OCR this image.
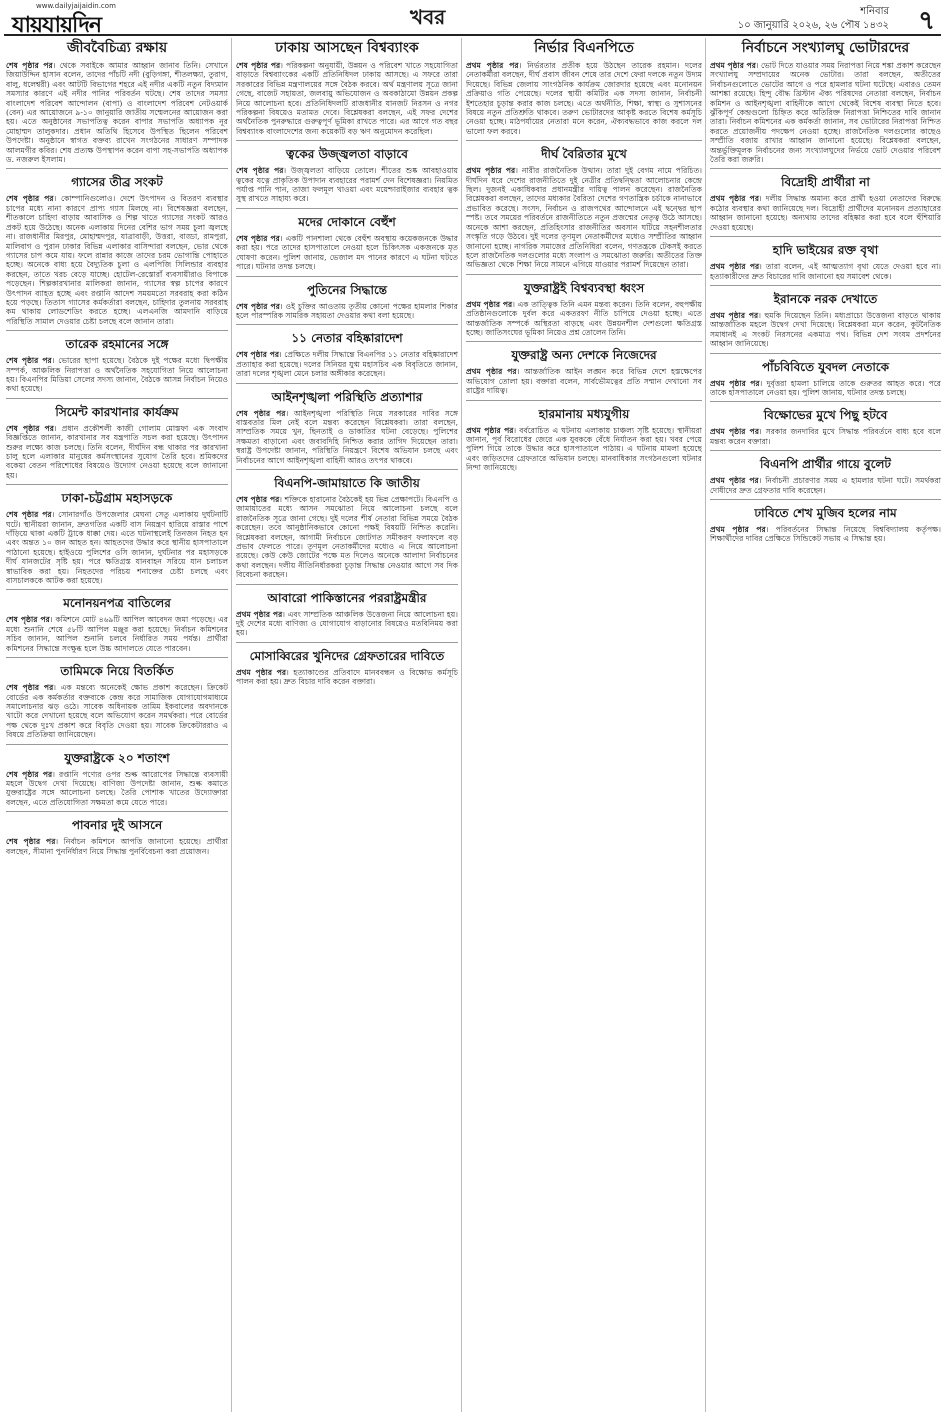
www.dailyjaijaidin.com
যায়যায়দিন	খবর	শনিবার
১০ জানুয়ারি ২০২৬, ২৬ পৌষ ১৪৩২ ৭
জীববৈচিত্র্য রক্ষায়

শেষ পৃষ্ঠার পর। থেকে সবাইকে আমার আহ্বান জানাব তিনি। সেখানে জিয়াউদ্দিন হাসান বলেন, তাদের পাঁচটি নদী (বুড়িগঙ্গা, শীতলক্ষ্যা, তুরাগ, বালু, ধলেশ্বরী) এবং আটটি বিভাগের শহরে এই নদীর একটি নতুন বিদ্যমান সমস্যার কারণে এই নদীর পানির পরিবর্তন ঘটছে। শেষ তাদের সমস্যা বাংলাদেশ পরিবেশ আন্দোলন (বাপা) ও বাংলাদেশ পরিবেশ নেটওয়ার্ক (বেন) এর আয়োজনে ৯-১০ জানুয়ারি জাতীয় সম্মেলনের আয়োজন করা হয়। এতে অনুষ্ঠানের সভাপতিত্ব করেন বাপার সভাপতি অধ্যাপক নূর মোহাম্মদ তালুকদার। প্রধান অতিথি হিসেবে উপস্থিত ছিলেন পরিবেশ উপদেষ্টা। অনুষ্ঠানে স্বাগত বক্তব্য রাখেন সংগঠনের সাধারণ সম্পাদক আলমগীর কবির। শেষ প্রত্যক্ষ উপস্থাপন করেন বাপা সহ-সভাপতি অধ্যাপক ড. নজরুল ইসলাম।

গ্যাসের তীব্র সংকট

শেষ পৃষ্ঠার পর। কোম্পানিগুলোও। দেশে উৎপাদন ও বিতরণ ব্যবস্থার চাপের মধ্যে নানা কারণে প্রাপ্য গ্যাস মিলছে না। বিশেষজ্ঞরা বলছেন, শীতকালে চাহিদা বাড়ায় আবাসিক ও শিল্প খাতে গ্যাসের সংকট আরও প্রকট হয়ে উঠেছে। অনেক এলাকায় দিনের বেশির ভাগ সময় চুলা জ্বলছে না। রাজধানীর মিরপুর, মোহাম্মদপুর, যাত্রাবাড়ী, উত্তরা, বাড্ডা, রামপুরা, মালিবাগ ও পুরান ঢাকার বিভিন্ন এলাকার বাসিন্দারা বলছেন, ভোর থেকে গ্যাসের চাপ কমে যায়। ফলে রান্নার কাজে তাদের চরম ভোগান্তি পোহাতে হচ্ছে। অনেকে বাধ্য হয়ে বৈদ্যুতিক চুলা ও এলপিজি সিলিন্ডার ব্যবহার করছেন, তাতে খরচ বেড়ে যাচ্ছে। হোটেল-রেস্তোরাঁ ব্যবসায়ীরাও বিপাকে পড়েছেন। শিল্পকারখানার মালিকরা জানান, গ্যাসের স্বল্প চাপের কারণে উৎপাদন ব্যাহত হচ্ছে এবং রপ্তানি আদেশ সময়মতো সরবরাহ করা কঠিন হয়ে পড়ছে। তিতাস গ্যাসের কর্মকর্তারা বলছেন, চাহিদার তুলনায় সরবরাহ কম থাকায় লোডশেডিং করতে হচ্ছে। এলএনজি আমদানি বাড়িয়ে পরিস্থিতি সামাল দেওয়ার চেষ্টা চলছে বলে জানান তারা।

তারেক রহমানের সঙ্গে

শেষ পৃষ্ঠার পর। ভোরের ছাপা হয়েছে। বৈঠকে দুই পক্ষের মধ্যে দ্বিপক্ষীয় সম্পর্ক, আঞ্চলিক নিরাপত্তা ও অর্থনৈতিক সহযোগিতা নিয়ে আলোচনা হয়। বিএনপির মিডিয়া সেলের সদস্য জানান, বৈঠকে আসন্ন নির্বাচন নিয়েও কথা হয়েছে।

সিমেন্ট কারখানার কার্যক্রম

শেষ পৃষ্ঠার পর। প্রধান প্রকৌশলী কাজী গোলাম মোস্তফা এক সংবাদ বিজ্ঞপ্তিতে জানান, কারখানার সব যন্ত্রপাতি সচল করা হয়েছে। উৎপাদন শুরুর লক্ষ্যে কাজ চলছে। তিনি বলেন, দীর্ঘদিন বন্ধ থাকার পর কারখানা চালু হলে এলাকার মানুষের কর্মসংস্থানের সুযোগ তৈরি হবে। শ্রমিকদের বকেয়া বেতন পরিশোধের বিষয়েও উদ্যোগ নেওয়া হয়েছে বলে জানানো হয়।

ঢাকা-চট্টগ্রাম মহাসড়কে

শেষ পৃষ্ঠার পর। সোনারগাঁও উপজেলার মেঘনা সেতু এলাকায় দুর্ঘটনাটি ঘটে। স্থানীয়রা জানান, দ্রুতগতির একটি বাস নিয়ন্ত্রণ হারিয়ে রাস্তার পাশে দাঁড়িয়ে থাকা একটি ট্রাকে ধাক্কা দেয়। এতে ঘটনাস্থলেই তিনজন নিহত হন এবং অন্তত ১০ জন আহত হন। আহতদের উদ্ধার করে স্থানীয় হাসপাতালে পাঠানো হয়েছে। হাইওয়ে পুলিশের ওসি জানান, দুর্ঘটনার পর মহাসড়কে দীর্ঘ যানজটের সৃষ্টি হয়। পরে ক্ষতিগ্রস্ত যানবাহন সরিয়ে যান চলাচল স্বাভাবিক করা হয়। নিহতদের পরিচয় শনাক্তের চেষ্টা চলছে এবং বাসচালককে আটক করা হয়েছে।

মনোনয়নপত্র বাতিলের

শেষ পৃষ্ঠার পর। কমিশনে মোট ৪৬৯টি আপিল আবেদন জমা পড়েছে। এর মধ্যে শুনানি শেষে ৫৮টি আপিল মঞ্জুর করা হয়েছে। নির্বাচন কমিশনের সচিব জানান, আপিল শুনানি চলবে নির্ধারিত সময় পর্যন্ত। প্রার্থীরা কমিশনের সিদ্ধান্তে সংক্ষুব্ধ হলে উচ্চ আদালতে যেতে পারবেন।

তামিমকে নিয়ে বিতর্কিত

শেষ পৃষ্ঠার পর। এক মন্তব্যে অনেকেই ক্ষোভ প্রকাশ করেছেন। ক্রিকেট বোর্ডের এক কর্মকর্তার বক্তব্যকে কেন্দ্র করে সামাজিক যোগাযোগমাধ্যমে সমালোচনার ঝড় ওঠে। সাবেক অধিনায়ক তামিম ইকবালের অবদানকে খাটো করে দেখানো হয়েছে বলে অভিযোগ করেন সমর্থকরা। পরে বোর্ডের পক্ষ থেকে দুঃখ প্রকাশ করে বিবৃতি দেওয়া হয়। সাবেক ক্রিকেটাররাও এ বিষয়ে প্রতিক্রিয়া জানিয়েছেন।

যুক্তরাষ্ট্রকে ২০ শতাংশ

শেষ পৃষ্ঠার পর। রপ্তানি পণ্যের ওপর শুল্ক আরোপের সিদ্ধান্তে ব্যবসায়ী মহলে উদ্বেগ দেখা দিয়েছে। বাণিজ্য উপদেষ্টা জানান, শুল্ক কমাতে যুক্তরাষ্ট্রের সঙ্গে আলোচনা চলছে। তৈরি পোশাক খাতের উদ্যোক্তারা বলছেন, এতে প্রতিযোগিতা সক্ষমতা কমে যেতে পারে।

পাবনার দুই আসনে

শেষ পৃষ্ঠার পর। নির্বাচন কমিশনে আপত্তি জানানো হয়েছে। প্রার্থীরা বলছেন, সীমানা পুনর্নির্ধারণ নিয়ে সিদ্ধান্ত পুনর্বিবেচনা করা প্রয়োজন।

ঢাকায় আসছেন বিশ্বব্যাংক

শেষ পৃষ্ঠার পর। পরিকল্পনা অনুযায়ী, উন্নয়ন ও পরিবেশ খাতে সহযোগিতা বাড়াতে বিশ্বব্যাংকের একটি প্রতিনিধিদল ঢাকায় আসছে। এ সফরে তারা সরকারের বিভিন্ন মন্ত্রণালয়ের সঙ্গে বৈঠক করবে। অর্থ মন্ত্রণালয় সূত্রে জানা গেছে, বাজেট সহায়তা, জলবায়ু অভিযোজন ও অবকাঠামো উন্নয়ন প্রকল্প নিয়ে আলোচনা হবে। প্রতিনিধিদলটি রাজধানীর যানজট নিরসন ও নগর পরিকল্পনা বিষয়েও মতামত দেবে। বিশ্লেষকরা বলছেন, এই সফর দেশের অর্থনৈতিক পুনরুদ্ধারে গুরুত্বপূর্ণ ভূমিকা রাখতে পারে। এর আগে গত বছর বিশ্বব্যাংক বাংলাদেশের জন্য কয়েকটি বড় ঋণ অনুমোদন করেছিল।

ত্বকের উজ্জ্বলতা বাড়াবে

শেষ পৃষ্ঠার পর। উজ্জ্বলতা বাড়িয়ে তোলে। শীতের শুষ্ক আবহাওয়ায় ত্বকের যত্নে প্রাকৃতিক উপাদান ব্যবহারের পরামর্শ দেন বিশেষজ্ঞরা। নিয়মিত পর্যাপ্ত পানি পান, তাজা ফলমূল খাওয়া এবং ময়েশ্চারাইজার ব্যবহার ত্বক সুস্থ রাখতে সাহায্য করে।

মদের দোকানে বেহুঁশ

শেষ পৃষ্ঠার পর। একটি পানশালা থেকে বেহুঁশ অবস্থায় কয়েকজনকে উদ্ধার করা হয়। পরে তাদের হাসপাতালে নেওয়া হলে চিকিৎসক একজনকে মৃত ঘোষণা করেন। পুলিশ জানায়, ভেজাল মদ পানের কারণে এ ঘটনা ঘটতে পারে। ঘটনার তদন্ত চলছে।

পুতিনের সিদ্ধান্তে

শেষ পৃষ্ঠার পর। ওই চুক্তির আওতায় তৃতীয় কোনো পক্ষের হামলার শিকার হলে পারস্পরিক সামরিক সহায়তা দেওয়ার কথা বলা হয়েছে।

১১ নেতার বহিষ্কারাদেশ

শেষ পৃষ্ঠার পর। প্রেক্ষিতে দলীয় সিদ্ধান্তে বিএনপির ১১ নেতার বহিষ্কারাদেশ প্রত্যাহার করা হয়েছে। দলের সিনিয়র যুগ্ম মহাসচিব এক বিবৃতিতে জানান, তারা দলের শৃঙ্খলা মেনে চলার অঙ্গীকার করেছেন।

আইনশৃঙ্খলা পরিস্থিতি প্রত্যাশার

শেষ পৃষ্ঠার পর। আইনশৃঙ্খলা পরিস্থিতি নিয়ে সরকারের দাবির সঙ্গে বাস্তবতার মিল নেই বলে মন্তব্য করেছেন বিশ্লেষকরা। তারা বলছেন, সাম্প্রতিক সময়ে খুন, ছিনতাই ও ডাকাতির ঘটনা বেড়েছে। পুলিশের সক্ষমতা বাড়ানো এবং জবাবদিহি নিশ্চিত করার তাগিদ দিয়েছেন তারা। স্বরাষ্ট্র উপদেষ্টা জানান, পরিস্থিতি নিয়ন্ত্রণে বিশেষ অভিযান চলছে এবং নির্বাচনের আগে আইনশৃঙ্খলা বাহিনী আরও তৎপর থাকবে।

বিএনপি-জামায়াতে কি জাতীয়

শেষ পৃষ্ঠার পর। শক্তিকে হারানোর বৈঠকেই হয় ভিন্ন প্রেক্ষাপটে। বিএনপি ও জামায়াতের মধ্যে আসন সমঝোতা নিয়ে আলোচনা চলছে বলে রাজনৈতিক সূত্রে জানা গেছে। দুই দলের শীর্ষ নেতারা বিভিন্ন সময়ে বৈঠক করেছেন। তবে আনুষ্ঠানিকভাবে কোনো পক্ষই বিষয়টি নিশ্চিত করেনি। বিশ্লেষকরা বলছেন, আগামী নির্বাচনে জোটগত সমীকরণ ফলাফলে বড় প্রভাব ফেলতে পারে। তৃণমূল নেতাকর্মীদের মধ্যেও এ নিয়ে আলোচনা রয়েছে। কেউ কেউ জোটের পক্ষে মত দিলেও অনেকে আলাদা নির্বাচনের কথা বলছেন। দলীয় নীতিনির্ধারকরা চূড়ান্ত সিদ্ধান্ত নেওয়ার আগে সব দিক বিবেচনা করছেন।

আবারো পাকিস্তানের পররাষ্ট্রমন্ত্রীর

প্রথম পৃষ্ঠার পর। এবং সাম্প্রতিক আঞ্চলিক উত্তেজনা নিয়ে আলোচনা হয়। দুই দেশের মধ্যে বাণিজ্য ও যোগাযোগ বাড়ানোর বিষয়েও মতবিনিময় করা হয়।

মোসাব্বিরের খুনিদের গ্রেফতারের দাবিতে

প্রথম পৃষ্ঠার পর। হত্যাকাণ্ডের প্রতিবাদে মানববন্ধন ও বিক্ষোভ কর্মসূচি পালন করা হয়। দ্রুত বিচার দাবি করেন বক্তারা।

নির্ভার বিএনপিতে

প্রথম পৃষ্ঠার পর। নির্ভরতার প্রতীক হয়ে উঠছেন তারেক রহমান। দলের নেতাকর্মীরা বলছেন, দীর্ঘ প্রবাস জীবন শেষে তার দেশে ফেরা দলকে নতুন উদ্যম দিয়েছে। বিভিন্ন জেলায় সাংগঠনিক কার্যক্রম জোরদার হয়েছে এবং মনোনয়ন প্রক্রিয়াও গতি পেয়েছে। দলের স্থায়ী কমিটির এক সদস্য জানান, নির্বাচনী ইশতেহার চূড়ান্ত করার কাজ চলছে। এতে অর্থনীতি, শিক্ষা, স্বাস্থ্য ও সুশাসনের বিষয়ে নতুন প্রতিশ্রুতি থাকবে। তরুণ ভোটারদের আকৃষ্ট করতে বিশেষ কর্মসূচি নেওয়া হচ্ছে। মাঠপর্যায়ের নেতারা মনে করেন, ঐক্যবদ্ধভাবে কাজ করলে দল ভালো ফল করবে।

দীর্ঘ বৈরিতার মুখে

প্রথম পৃষ্ঠার পর। নারীর রাজনৈতিক উত্থান। তারা দুই বেগম নামে পরিচিত। দীর্ঘদিন ধরে দেশের রাজনীতিতে দুই নেত্রীর প্রতিদ্বন্দ্বিতা আলোচনার কেন্দ্রে ছিল। দুজনই একাধিকবার প্রধানমন্ত্রীর দায়িত্ব পালন করেছেন। রাজনৈতিক বিশ্লেষকরা বলছেন, তাদের মধ্যকার বৈরিতা দেশের গণতান্ত্রিক চর্চাকে নানাভাবে প্রভাবিত করেছে। সংসদ, নির্বাচন ও রাজপথের আন্দোলনে এই দ্বন্দ্বের ছাপ স্পষ্ট। তবে সময়ের পরিবর্তনে রাজনীতিতে নতুন প্রজন্মের নেতৃত্ব উঠে আসছে। অনেকে আশা করছেন, প্রতিহিংসার রাজনীতির অবসান ঘটিয়ে সহনশীলতার সংস্কৃতি গড়ে উঠবে। দুই দলের তৃণমূল নেতাকর্মীদের মধ্যেও সম্প্রীতির আহ্বান জানানো হচ্ছে। নাগরিক সমাজের প্রতিনিধিরা বলেন, গণতন্ত্রকে টেকসই করতে হলে রাজনৈতিক দলগুলোর মধ্যে সংলাপ ও সমঝোতা জরুরি। অতীতের তিক্ত অভিজ্ঞতা থেকে শিক্ষা নিয়ে সামনে এগিয়ে যাওয়ার পরামর্শ দিয়েছেন তারা।

যুক্তরাষ্ট্রই বিশ্বব্যবস্থা ধ্বংস

প্রথম পৃষ্ঠার পর। এক তাত্ত্বিক তিনি এমন মন্তব্য করেন। তিনি বলেন, বহুপক্ষীয় প্রতিষ্ঠানগুলোকে দুর্বল করে একতরফা নীতি চাপিয়ে দেওয়া হচ্ছে। এতে আন্তর্জাতিক সম্পর্কে অস্থিরতা বাড়ছে এবং উন্নয়নশীল দেশগুলো ক্ষতিগ্রস্ত হচ্ছে। জাতিসংঘের ভূমিকা নিয়েও প্রশ্ন তোলেন তিনি।

যুক্তরাষ্ট্র অন্য দেশকে নিজেদের

প্রথম পৃষ্ঠার পর। আন্তর্জাতিক আইন লঙ্ঘন করে বিভিন্ন দেশে হস্তক্ষেপের অভিযোগ তোলা হয়। বক্তারা বলেন, সার্বভৌমত্বের প্রতি সম্মান দেখানো সব রাষ্ট্রের দায়িত্ব।

হারমানায় মধ্যযুগীয়

প্রথম পৃষ্ঠার পর। বর্বরোচিত এ ঘটনায় এলাকায় চাঞ্চল্য সৃষ্টি হয়েছে। স্থানীয়রা জানান, পূর্ব বিরোধের জেরে এক যুবককে বেঁধে নির্যাতন করা হয়। খবর পেয়ে পুলিশ গিয়ে তাকে উদ্ধার করে হাসপাতালে পাঠায়। এ ঘটনায় মামলা হয়েছে এবং জড়িতদের গ্রেফতারে অভিযান চলছে। মানবাধিকার সংগঠনগুলো ঘটনার নিন্দা জানিয়েছে।

নির্বাচনে সংখ্যালঘু ভোটারদের

প্রথম পৃষ্ঠার পর। ভোট দিতে যাওয়ার সময় নিরাপত্তা নিয়ে শঙ্কা প্রকাশ করেছেন সংখ্যালঘু সম্প্রদায়ের অনেক ভোটার। তারা বলছেন, অতীতের নির্বাচনগুলোতে ভোটের আগে ও পরে হামলার ঘটনা ঘটেছে। এবারও তেমন আশঙ্কা রয়েছে। হিন্দু বৌদ্ধ খ্রিস্টান ঐক্য পরিষদের নেতারা বলছেন, নির্বাচন কমিশন ও আইনশৃঙ্খলা বাহিনীকে আগে থেকেই বিশেষ ব্যবস্থা নিতে হবে। ঝুঁকিপূর্ণ কেন্দ্রগুলো চিহ্নিত করে অতিরিক্ত নিরাপত্তা নিশ্চিতের দাবি জানান তারা। নির্বাচন কমিশনের এক কর্মকর্তা জানান, সব ভোটারের নিরাপত্তা নিশ্চিত করতে প্রয়োজনীয় পদক্ষেপ নেওয়া হচ্ছে। রাজনৈতিক দলগুলোর কাছেও সম্প্রীতি বজায় রাখার আহ্বান জানানো হয়েছে। বিশ্লেষকরা বলছেন, অন্তর্ভুক্তিমূলক নির্বাচনের জন্য সংখ্যালঘুদের নির্ভয়ে ভোট দেওয়ার পরিবেশ তৈরি করা জরুরি।

বিদ্রোহী প্রার্থীরা না

প্রথম পৃষ্ঠার পর। দলীয় সিদ্ধান্ত অমান্য করে প্রার্থী হওয়া নেতাদের বিরুদ্ধে কঠোর ব্যবস্থার কথা জানিয়েছে দল। বিদ্রোহী প্রার্থীদের মনোনয়ন প্রত্যাহারের আহ্বান জানানো হয়েছে। অন্যথায় তাদের বহিষ্কার করা হবে বলে হুঁশিয়ারি দেওয়া হয়েছে।

হাদি ভাইয়ের রক্ত বৃথা

প্রথম পৃষ্ঠার পর। তারা বলেন, এই আত্মত্যাগ বৃথা যেতে দেওয়া হবে না। হত্যাকারীদের দ্রুত বিচারের দাবি জানানো হয় সমাবেশ থেকে।

ইরানকে নরক দেখাতে

প্রথম পৃষ্ঠার পর। হুমকি দিয়েছেন তিনি। মধ্যপ্রাচ্যে উত্তেজনা বাড়তে থাকায় আন্তর্জাতিক মহলে উদ্বেগ দেখা দিয়েছে। বিশ্লেষকরা মনে করেন, কূটনৈতিক সমাধানই এ সংকট নিরসনের একমাত্র পথ। বিভিন্ন দেশ সংযম প্রদর্শনের আহ্বান জানিয়েছে।

পাঁচবিবিতে যুবদল নেতাকে

প্রথম পৃষ্ঠার পর। দুর্বৃত্তরা হামলা চালিয়ে তাকে গুরুতর আহত করে। পরে তাকে হাসপাতালে নেওয়া হয়। পুলিশ জানায়, ঘটনার তদন্ত চলছে।

বিক্ষোভের মুখে পিছু হটবে

প্রথম পৃষ্ঠার পর। সরকার জনদাবির মুখে সিদ্ধান্ত পরিবর্তনে বাধ্য হবে বলে মন্তব্য করেন বক্তারা।

বিএনপি প্রার্থীর গায়ে বুলেট

প্রথম পৃষ্ঠার পর। নির্বাচনী প্রচারণার সময় এ হামলার ঘটনা ঘটে। সমর্থকরা দোষীদের দ্রুত গ্রেফতার দাবি করেছেন।

ঢাবিতে শেখ মুজিব হলের নাম

প্রথম পৃষ্ঠার পর। পরিবর্তনের সিদ্ধান্ত নিয়েছে বিশ্ববিদ্যালয় কর্তৃপক্ষ। শিক্ষার্থীদের দাবির প্রেক্ষিতে সিন্ডিকেট সভায় এ সিদ্ধান্ত হয়।
